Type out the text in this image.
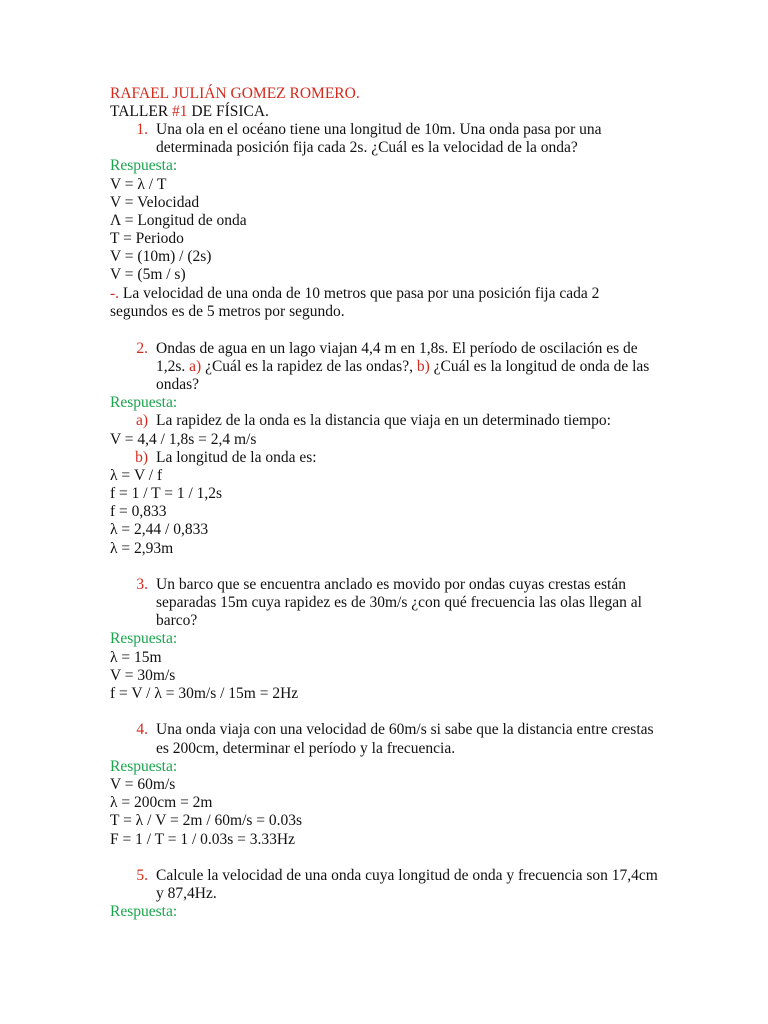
RAFAEL JULIÁN GOMEZ ROMERO.
TALLER #1 DE FÍSICA.
1. Una ola en el océano tiene una longitud de 10m. Una onda pasa por una
determinada posición fija cada 2s. ¿Cuál es la velocidad de la onda?
Respuesta:
V = λ / T
V = Velocidad
Λ = Longitud de onda
T = Periodo
V = (10m) / (2s)
V = (5m / s)
-. La velocidad de una onda de 10 metros que pasa por una posición fija cada 2
segundos es de 5 metros por segundo.
2. Ondas de agua en un lago viajan 4,4 m en 1,8s. El período de oscilación es de
1,2s. a) ¿Cuál es la rapidez de las ondas?, b) ¿Cuál es la longitud de onda de las
ondas?
Respuesta:
a) La rapidez de la onda es la distancia que viaja en un determinado tiempo:
V = 4,4 / 1,8s = 2,4 m/s
b) La longitud de la onda es:
λ = V / f
f = 1 / T = 1 / 1,2s
f = 0,833
λ = 2,44 / 0,833
λ = 2,93m
3. Un barco que se encuentra anclado es movido por ondas cuyas crestas están
separadas 15m cuya rapidez es de 30m/s ¿con qué frecuencia las olas llegan al
barco?
Respuesta:
λ = 15m
V = 30m/s
f = V / λ = 30m/s / 15m = 2Hz
4. Una onda viaja con una velocidad de 60m/s si sabe que la distancia entre crestas
es 200cm, determinar el período y la frecuencia.
Respuesta:
V = 60m/s
λ = 200cm = 2m
T = λ / V = 2m / 60m/s = 0.03s
F = 1 / T = 1 / 0.03s = 3.33Hz
5. Calcule la velocidad de una onda cuya longitud de onda y frecuencia son 17,4cm
y 87,4Hz.
Respuesta:
